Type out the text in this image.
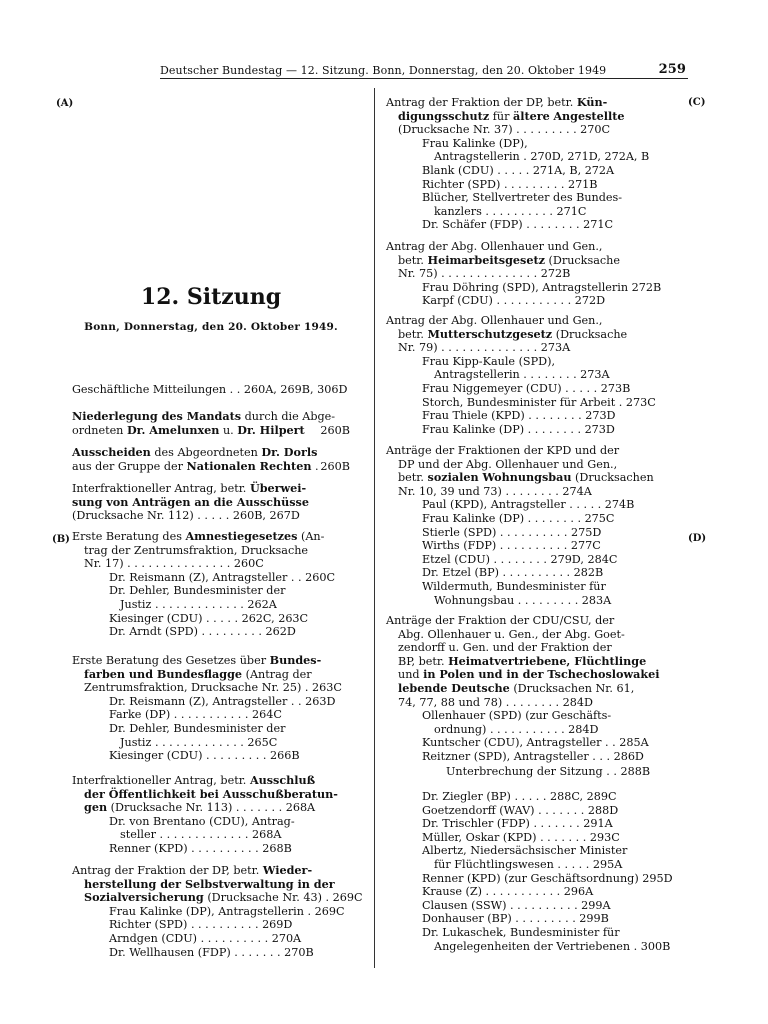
Deutscher Bundestag — 12. Sitzung. Bonn, Donnerstag, den 20. Oktober 1949	259
(A)
(B)
(C)
(D)
12. Sitzung
Bonn, Donnerstag, den 20. Oktober 1949.
Geschäftliche Mitteilungen . . 260A, 269B, 306D
Niederlegung des Mandats durch die Abge-
ordneten Dr. Amelunxen u. Dr. Hilpert 260B
Ausscheiden des Abgeordneten Dr. Dorls
aus der Gruppe der Nationalen Rechten . 260B
Interfraktioneller Antrag, betr. Überwei-
sung von Anträgen an die Ausschüsse
(Drucksache Nr. 112) . . . . . 260B, 267D
Erste Beratung des Amnestiegesetzes (An-
trag der Zentrumsfraktion, Drucksache
Nr. 17) . . . . . . . . . . . . . . . 260C
Dr. Reismann (Z), Antragsteller . . 260C
Dr. Dehler, Bundesminister der
Justiz . . . . . . . . . . . . . 262A
Kiesinger (CDU) . . . . . 262C, 263C
Dr. Arndt (SPD) . . . . . . . . . 262D
Erste Beratung des Gesetzes über Bundes-
farben und Bundesflagge (Antrag der
Zentrumsfraktion, Drucksache Nr. 25) . 263C
Dr. Reismann (Z), Antragsteller . . 263D
Farke (DP) . . . . . . . . . . . 264C
Dr. Dehler, Bundesminister der
Justiz . . . . . . . . . . . . . 265C
Kiesinger (CDU) . . . . . . . . . 266B
Interfraktioneller Antrag, betr. Ausschluß
der Öffentlichkeit bei Ausschußberatun-
gen (Drucksache Nr. 113) . . . . . . . 268A
Dr. von Brentano (CDU), Antrag-
steller . . . . . . . . . . . . . 268A
Renner (KPD) . . . . . . . . . . 268B
Antrag der Fraktion der DP, betr. Wieder-
herstellung der Selbstverwaltung in der
Sozialversicherung (Drucksache Nr. 43) . 269C
Frau Kalinke (DP), Antragstellerin . 269C
Richter (SPD) . . . . . . . . . . 269D
Arndgen (CDU) . . . . . . . . . . 270A
Dr. Wellhausen (FDP) . . . . . . . 270B
Antrag der Fraktion der DP, betr. Kün-
digungsschutz für ältere Angestellte
(Drucksache Nr. 37) . . . . . . . . . 270C
Frau Kalinke (DP),
Antragstellerin . 270D, 271D, 272A, B
Blank (CDU) . . . . . 271A, B, 272A
Richter (SPD) . . . . . . . . . 271B
Blücher, Stellvertreter des Bundes-
kanzlers . . . . . . . . . . 271C
Dr. Schäfer (FDP) . . . . . . . . 271C
Antrag der Abg. Ollenhauer und Gen.,
betr. Heimarbeitsgesetz (Drucksache
Nr. 75) . . . . . . . . . . . . . . 272B
Frau Döhring (SPD), Antragstellerin 272B
Karpf (CDU) . . . . . . . . . . . 272D
Antrag der Abg. Ollenhauer und Gen.,
betr. Mutterschutzgesetz (Drucksache
Nr. 79) . . . . . . . . . . . . . . 273A
Frau Kipp-Kaule (SPD),
Antragstellerin . . . . . . . . 273A
Frau Niggemeyer (CDU) . . . . . 273B
Storch, Bundesminister für Arbeit . 273C
Frau Thiele (KPD) . . . . . . . . 273D
Frau Kalinke (DP) . . . . . . . . 273D
Anträge der Fraktionen der KPD und der
DP und der Abg. Ollenhauer und Gen.,
betr. sozialen Wohnungsbau (Drucksachen
Nr. 10, 39 und 73) . . . . . . . . 274A
Paul (KPD), Antragsteller . . . . . 274B
Frau Kalinke (DP) . . . . . . . . 275C
Stierle (SPD) . . . . . . . . . . 275D
Wirths (FDP) . . . . . . . . . . 277C
Etzel (CDU) . . . . . . . . 279D, 284C
Dr. Etzel (BP) . . . . . . . . . . 282B
Wildermuth, Bundesminister für
Wohnungsbau . . . . . . . . . 283A
Anträge der Fraktion der CDU/CSU, der
Abg. Ollenhauer u. Gen., der Abg. Goet-
zendorff u. Gen. und der Fraktion der
BP, betr. Heimatvertriebene, Flüchtlinge
und in Polen und in der Tschechoslowakei
lebende Deutsche (Drucksachen Nr. 61,
74, 77, 88 und 78) . . . . . . . . 284D
Ollenhauer (SPD) (zur Geschäfts-
ordnung) . . . . . . . . . . . 284D
Kuntscher (CDU), Antragsteller . . 285A
Reitzner (SPD), Antragsteller . . . 286D
Unterbrechung der Sitzung . . 288B
Dr. Ziegler (BP) . . . . . 288C, 289C
Goetzendorff (WAV) . . . . . . . 288D
Dr. Trischler (FDP) . . . . . . . 291A
Müller, Oskar (KPD) . . . . . . . 293C
Albertz, Niedersächsischer Minister
für Flüchtlingswesen . . . . . 295A
Renner (KPD) (zur Geschäftsordnung) 295D
Krause (Z) . . . . . . . . . . . 296A
Clausen (SSW) . . . . . . . . . . 299A
Donhauser (BP) . . . . . . . . . 299B
Dr. Lukaschek, Bundesminister für
Angelegenheiten der Vertriebenen . 300B
